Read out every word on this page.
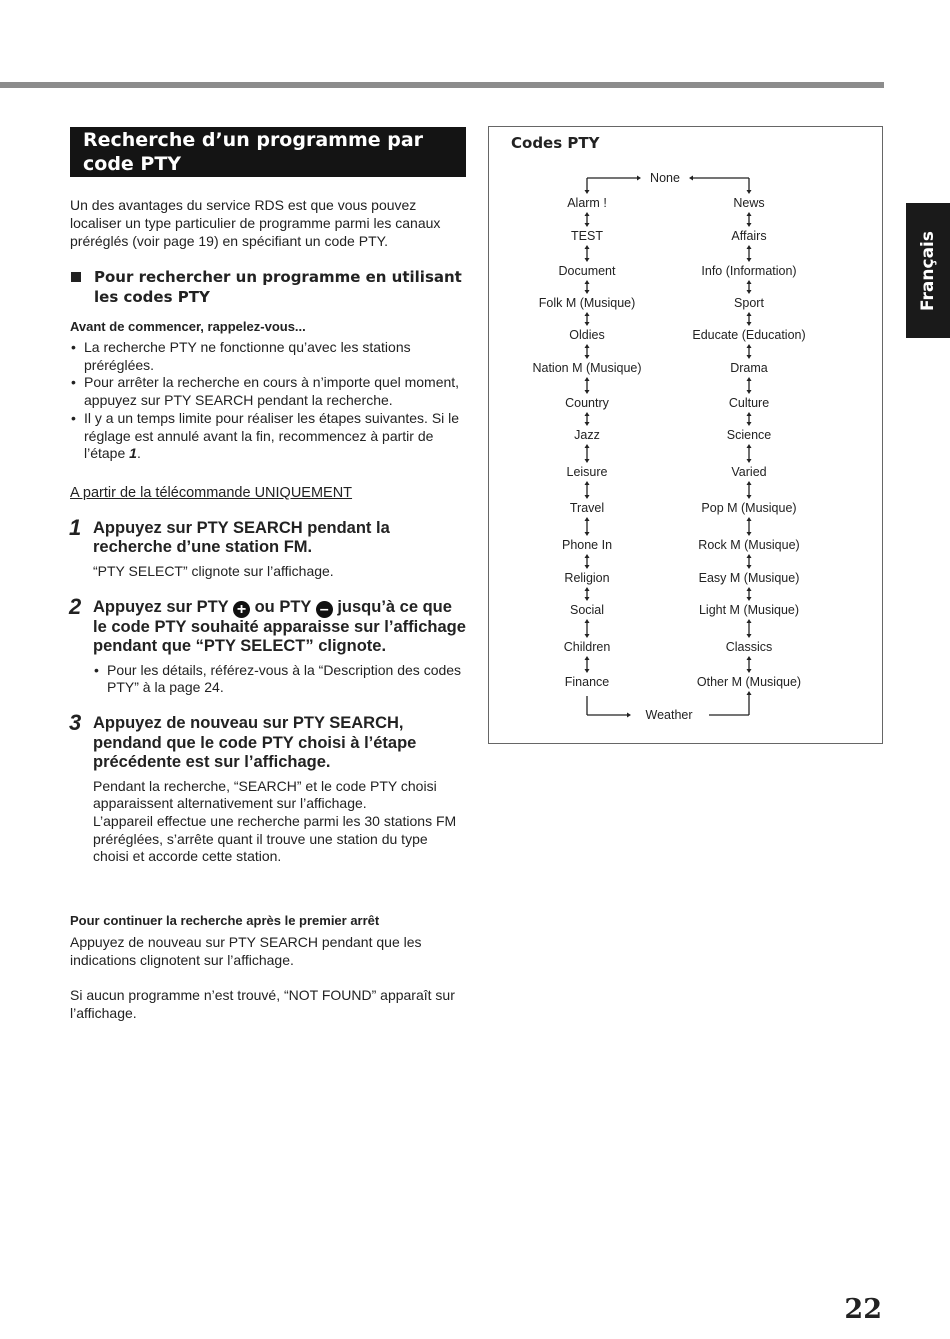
Français
Recherche d’un programme par code PTY

Un des avantages du service RDS est que vous pouvez localiser un type particulier de programme parmi les canaux préréglés (voir page 19) en spécifiant un code PTY.

Pour rechercher un programme en utilisant les codes PTY

Avant de commencer, rappelez-vous...

• La recherche PTY ne fonctionne qu’avec les stations préréglées.
• Pour arrêter la recherche en cours à n’importe quel moment, appuyez sur PTY SEARCH pendant la recherche.
• Il y a un temps limite pour réaliser les étapes suivantes. Si le réglage est annulé avant la fin, recommencez à partir de l’étape 1.

A partir de la télécommande UNIQUEMENT

1 Appuyez sur PTY SEARCH pendant la recherche d’une station FM.

“PTY SELECT” clignote sur l’affichage.

2 Appuyez sur PTY + ou PTY – jusqu’à ce que le code PTY souhaité apparaisse sur l’affichage pendant que “PTY SELECT” clignote.
• Pour les détails, référez-vous à la “Description des codes PTY” à la page 24.
3 Appuyez de nouveau sur PTY SEARCH, pendand que le code PTY choisi à l’étape précédente est sur l’affichage.

Pendant la recherche, “SEARCH” et le code PTY choisi apparaissent alternativement sur l’affichage.

L’appareil effectue une recherche parmi les 30 stations FM préréglées, s’arrête quant il trouve une station du type choisi et accorde cette station.

Pour continuer la recherche après le premier arrêt

Appuyez de nouveau sur PTY SEARCH pendant que les indications clignotent sur l’affichage.

Si aucun programme n’est trouvé, “NOT FOUND” apparaît sur l’affichage.

Codes PTY
None
Weather
Alarm !
TEST
Document
Folk M (Musique)
Oldies
Nation M (Musique)
Country
Jazz
Leisure
Travel
Phone In
Religion
Social
Children
Finance
News
Affairs
Info (Information)
Sport
Educate (Education)
Drama
Culture
Science
Varied
Pop M (Musique)
Rock M (Musique)
Easy M (Musique)
Light M (Musique)
Classics
Other M (Musique)
22
